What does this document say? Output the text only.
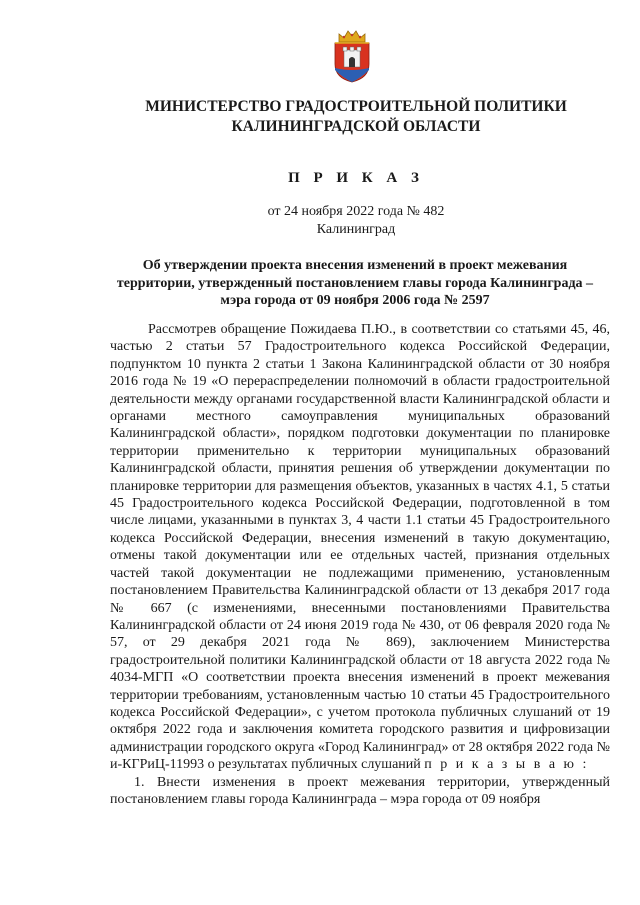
МИНИСТЕРСТВО ГРАДОСТРОИТЕЛЬНОЙ ПОЛИТИКИ
КАЛИНИНГРАДСКОЙ ОБЛАСТИ
П Р И К А З
от 24 ноября 2022 года № 482
Калининград
Об утверждении проекта внесения изменений в проект межевания
территории, утвержденный постановлением главы города Калининграда –
мэра города от 09 ноября 2006 года № 2597

Рассмотрев обращение Пожидаева П.Ю., в соответствии со статьями 45, 46, частью 2 статьи 57 Градостроительного кодекса Российской Федерации, подпунктом 10 пункта 2 статьи 1 Закона Калининградской области от 30 ноября 2016 года № 19 «О перераспределении полномочий в области градостроительной деятельности между органами государственной власти Калининградской области и органами местного самоуправления муниципальных образований Калининградской области», порядком подготовки документации по планировке территории применительно к территории муниципальных образований Калининградской области, принятия решения об утверждении документации по планировке территории для размещения объектов, указанных в частях 4.1, 5 статьи 45 Градостроительного кодекса Российской Федерации, подготовленной в том числе лицами, указанными в пунктах 3, 4 части 1.1 статьи 45 Градостроительного кодекса Российской Федерации, внесения изменений в такую документацию, отмены такой документации или ее отдельных частей, признания отдельных частей такой документации не подлежащими применению, установленным постановлением Правительства Калининградской области от 13 декабря 2017 года № 667 (с изменениями, внесенными постановлениями Правительства Калининградской области от 24 июня 2019 года № 430, от 06 февраля 2020 года № 57, от 29 декабря 2021 года № 869), заключением Министерства градостроительной политики Калининградской области от 18 августа 2022 года № 4034-МГП «О соответствии проекта внесения изменений в проект межевания территории требованиям, установленным частью 10 статьи 45 Градостроительного кодекса Российской Федерации», с учетом протокола публичных слушаний от 19 октября 2022 года и заключения комитета городского развития и цифровизации администрации городского округа «Город Калининград» от 28 октября 2022 года № и-КГРиЦ-11993 о результатах публичных слушаний п р и к а з ы в а ю :

1. Внести изменения в проект межевания территории, утвержденный постановлением главы города Калининграда – мэра города от 09 ноября
